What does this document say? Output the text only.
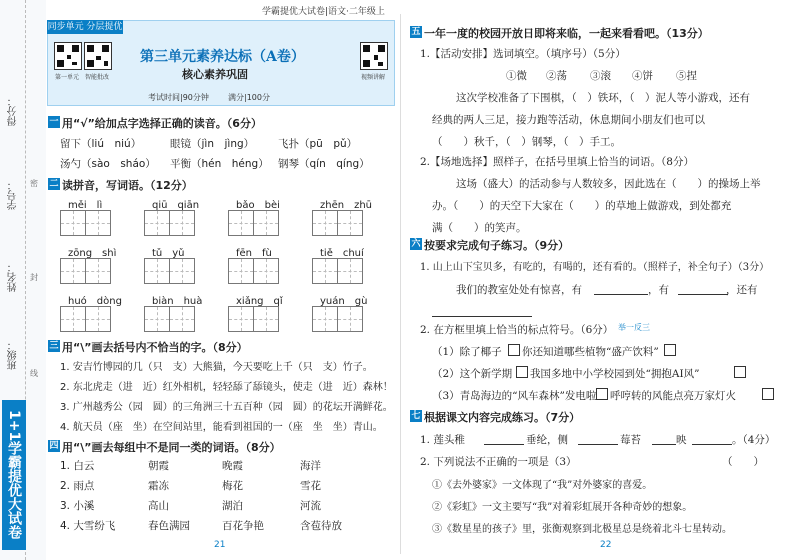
得分：
学号：
姓名：
班级：
密
封
线
1+1学霸提优大试卷
同步单元 分层提优
学霸提优大试卷|语文·二年级上
第一单元 智能批改	视频讲解
第三单元素养达标（A卷）
核心素养巩固
考试时间|90分钟 满分|100分
一 用“√”给加点字选择正确的读音。（6分）
留下（liú　niú）	眼镜（jìn　jìng） 飞扑（pū　pǔ）
汤勺（sào　sháo） 平衡（hén　héng） 钢琴（qín　qíng）
二 读拼音，写词语。（12分）
měi　lì	qiū　qiān	bǎo　bèi	zhēn　zhū
zōng　shì	tǔ　yǔ	fēn　fù	tiě　chuí
huó　dòng	biàn　huà	xiǎng　qǐ	yuán　gù
三 用“\”画去括号内不恰当的字。（8分）
1. 安吉竹博园的几（只　支）大熊猫，今天要吃上千（只　支）竹子。
2. 东北虎走（进　近）红外相机，轻轻舔了舔镜头，使走（进　近）森林！
3. 广州越秀公（园　圆）的三角洲三十五百种（园　圆）的花坛开满鲜花。
4. 航天员（座　坐）在空间站里，能看到祖国的一（座　坐　坐）青山。
四 用“\”画去每组中不是同一类的词语。（8分）
1. 白云	朝霞	晚霞	海洋
2. 雨点	霜冻	梅花	雪花
3. 小溪	高山	湖泊	河流
4. 大雪纷飞	春色满园	百花争艳	含苞待放
21
五 一年一度的校园开放日即将来临，一起来看看吧。（13分）
1.【活动安排】选词填空。（填序号）（5分）
①微 ②荡 ③滚 ④饼 ⑤捏
这次学校准备了下围棋，（　）铁环，（　）泥人等小游戏，还有
经典的两人三足，接力跑等活动，休息期间小朋友们也可以
（　　）秋千，（　）钢琴，（　）手工。
2.【场地选择】照样子，在括号里填上恰当的词语。（8分）
这场（盛大）的活动参与人数较多，因此选在（　　）的操场上举
办。（　　）的天空下大家在（　　）的草地上做游戏，到处都充
满（　　）的笑声。
六 按要求完成句子练习。（9分）
1. 山上山下宝贝多，有吃的，有喝的，还有看的。（照样子，补全句子）（3分）
我们的教室处处有惊喜，有	，有	，还有
2. 在方框里填上恰当的标点符号。（6分） 举一反三
（1）除了椰子 你还知道哪些植物“盛产饮料”
（2）这个新学期 我国多地中小学校园到处“拥抱AI风”
（3）青岛海边的“风车森林”发电啦 呼哼转的风能点亮万家灯火
七 根据课文内容完成练习。（7分）
1. 莲头稚	垂纶，侧	莓苔	映	。（4分）
2. 下列说法不正确的一项是（3）	（　　）
①《去外婆家》一文体现了“我”对外婆家的喜爱。
②《彩虹》一文主要写“我”对着彩虹展开各种奇妙的想象。
③《数星星的孩子》里，张衡观察到北极星总是绕着北斗七星转动。
22
